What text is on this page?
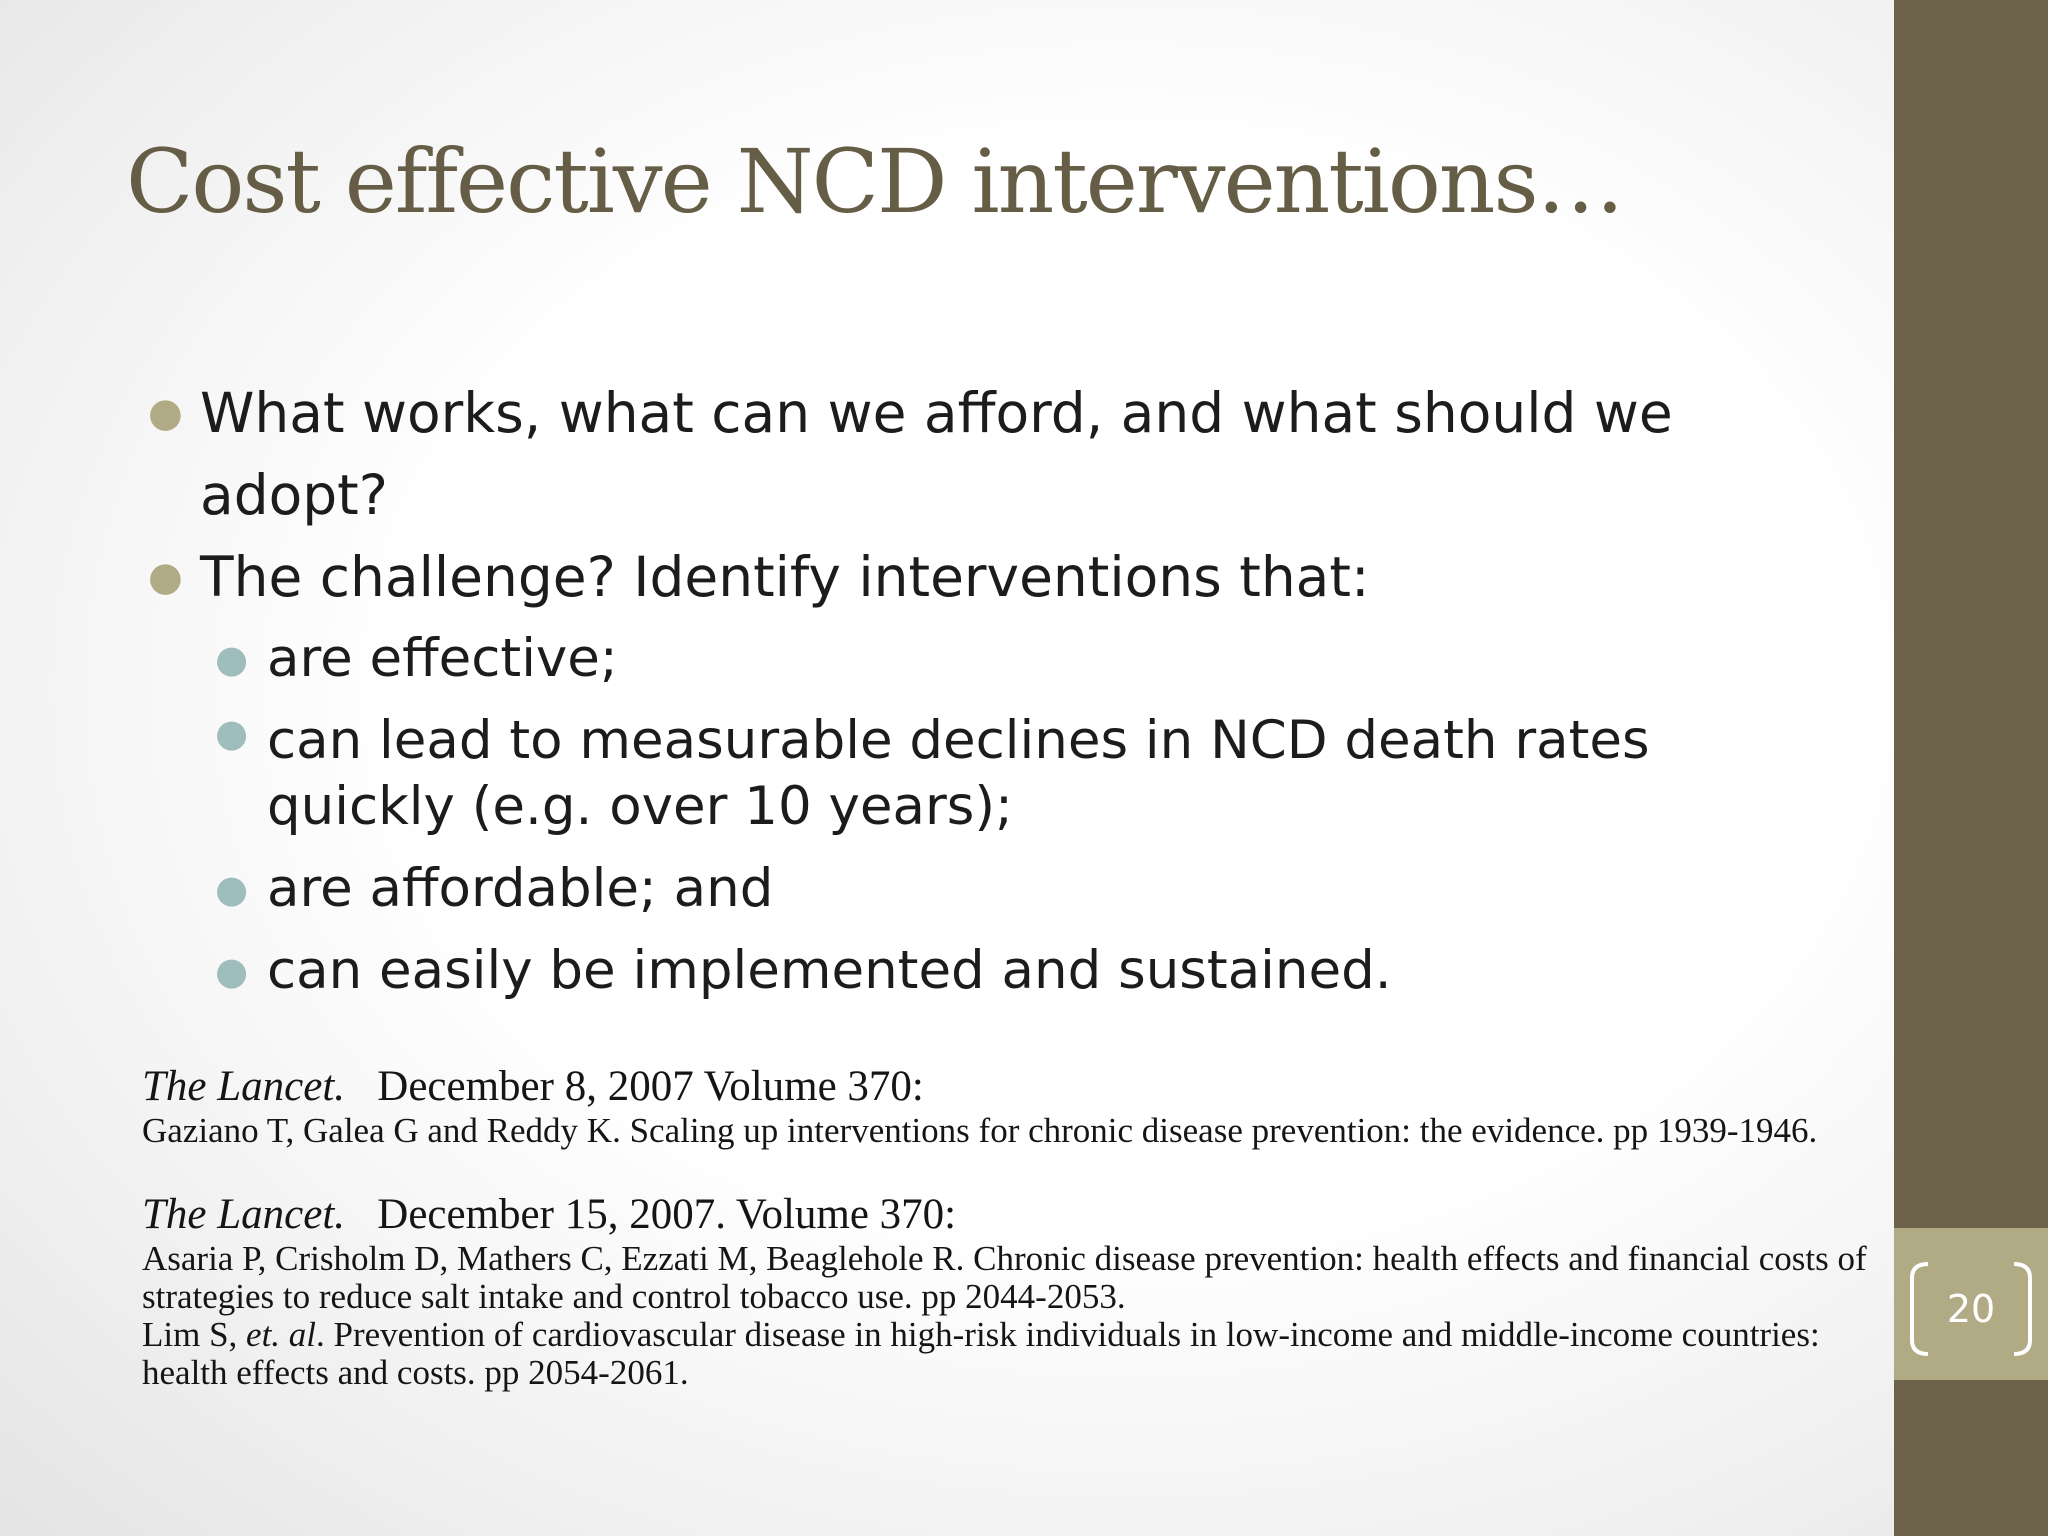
20
Cost effective NCD interventions…
● What works, what can we afford, and what should we adopt?
● The challenge? Identify interventions that:
● are effective;
● can lead to measurable declines in NCD death rates quickly (e.g. over 10 years);
● are affordable; and
● can easily be implemented and sustained.
The Lancet. December 8, 2007 Volume 370:
Gaziano T, Galea G and Reddy K. Scaling up interventions for chronic disease prevention: the evidence. pp 1939-1946.
The Lancet. December 15, 2007. Volume 370:
Asaria P, Crisholm D, Mathers C, Ezzati M, Beaglehole R. Chronic disease prevention: health effects and financial costs of strategies to reduce salt intake and control tobacco use. pp 2044-2053.
Lim S, et. al. Prevention of cardiovascular disease in high-risk individuals in low-income and middle-income countries: health effects and costs. pp 2054-2061.
